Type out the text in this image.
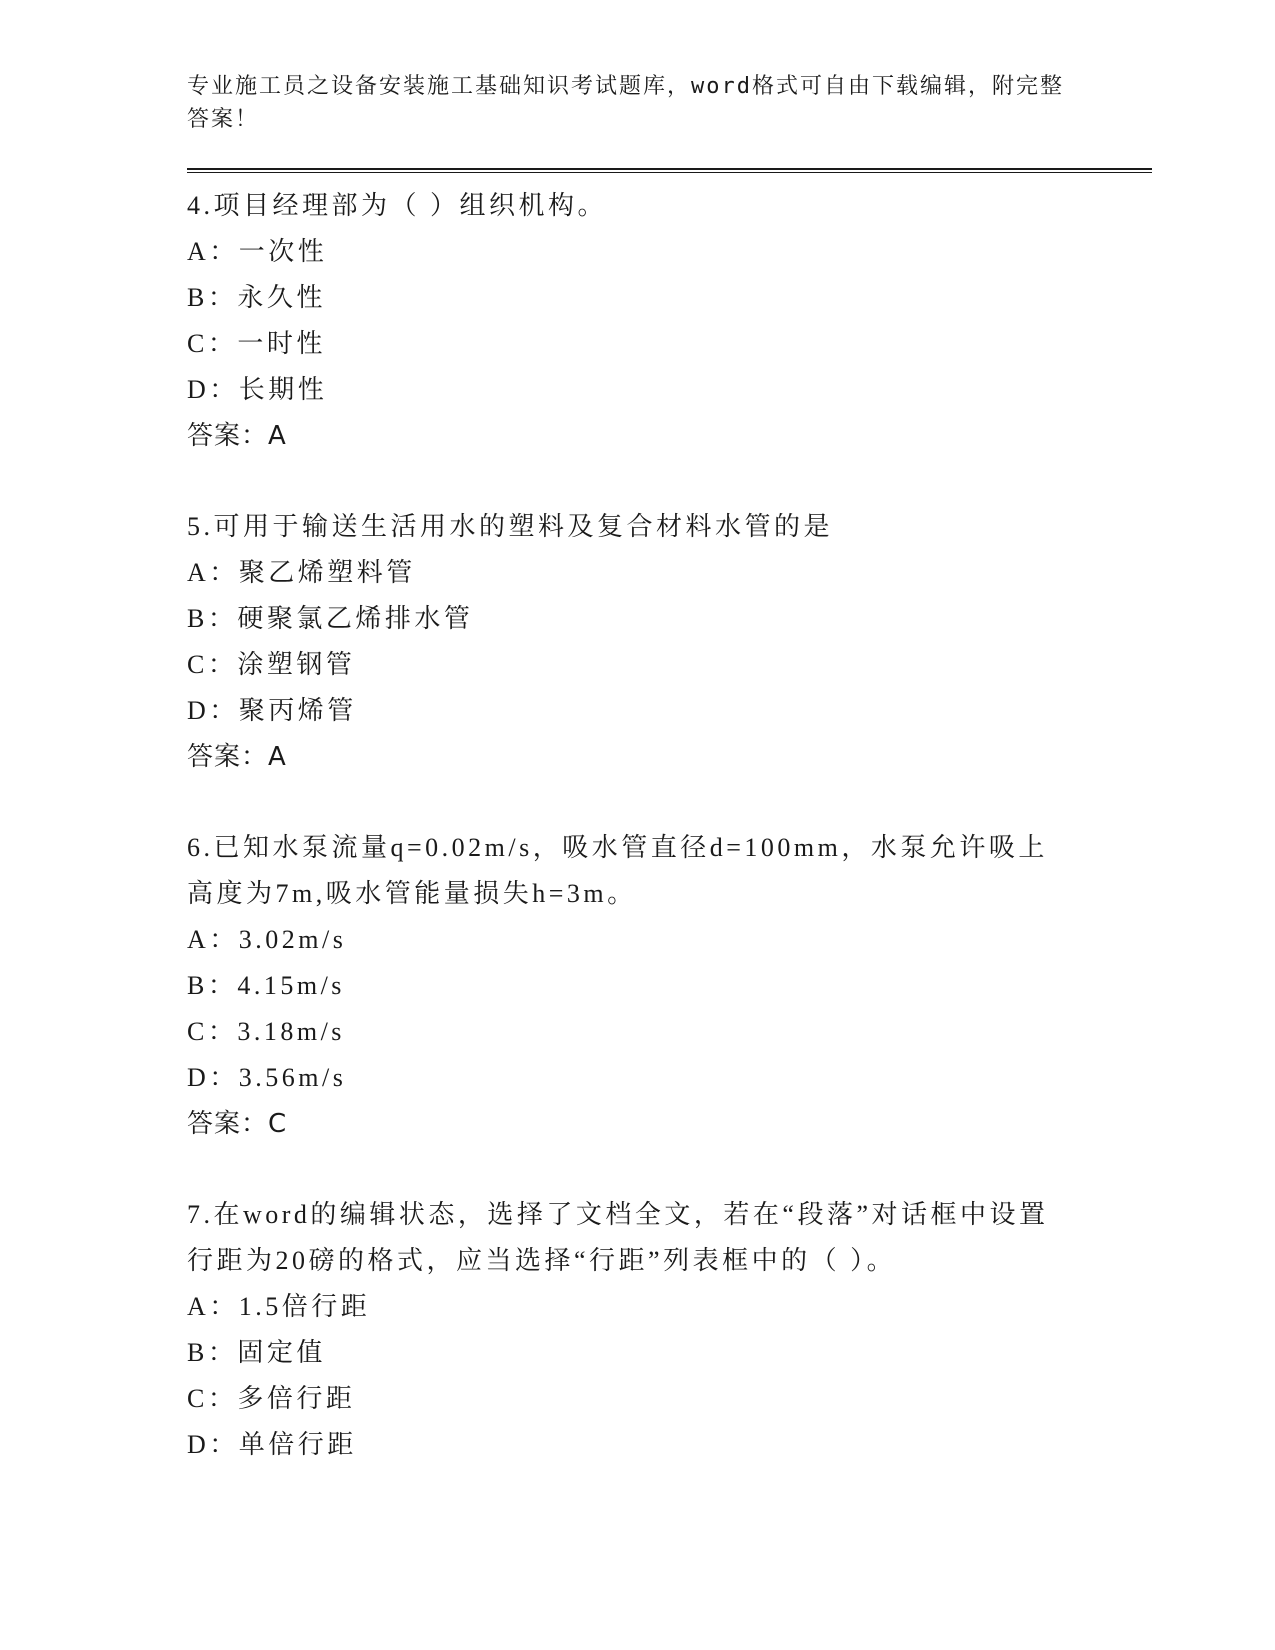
专业施工员之设备安装施工基础知识考试题库，word格式可自由下载编辑，附完整答案！
4.项目经理部为（ ）组织机构。
A：一次性
B：永久性
C：一时性
D：长期性
答案：A
5.可用于输送生活用水的塑料及复合材料水管的是
A：聚乙烯塑料管
B：硬聚氯乙烯排水管
C：涂塑钢管
D：聚丙烯管
答案：A
6.已知水泵流量q=0.02m/s，吸水管直径d=100mm，水泵允许吸上高度为7m,吸水管能量损失h=3m。
A：3.02m/s
B：4.15m/s
C：3.18m/s
D：3.56m/s
答案：C
7.在word的编辑状态，选择了文档全文，若在“段落”对话框中设置行距为20磅的格式，应当选择“行距”列表框中的（ ）。
A：1.5倍行距
B：固定值
C：多倍行距
D：单倍行距
